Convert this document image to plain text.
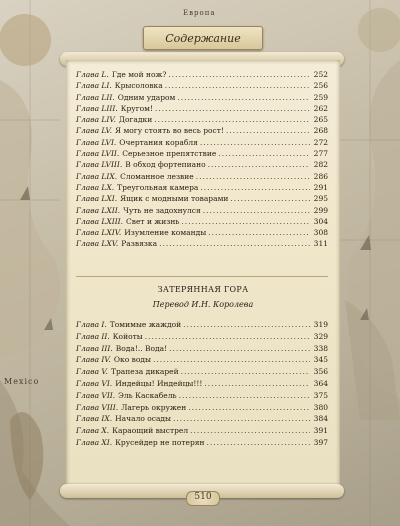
Европа
Mexico
Содержание
Глава L. Где мой нож? .....	252
Глава LI. Крысоловка .....	256
Глава LII. Одним ударом .....	259
Глава LIII. Кругом! .....	262
Глава LIV. Догадки .....	265
Глава LV. Я могу стоять во весь рост! .....	268
Глава LVI. Очертания корабля .....	272
Глава LVII. Серьезное препятствие .....	277
Глава LVIII. В обход фортепиано .....	282
Глава LIX. Сломанное лезвие .....	286
Глава LX. Треугольная камера .....	291
Глава LXI. Ящик с модными товарами .....	295
Глава LXII. Чуть не задохнулся .....	299
Глава LXIII. Свет и жизнь .....	304
Глава LXIV. Изумление команды .....	308
Глава LXV. Развязка .....	311
ЗАТЕРЯННАЯ ГОРА
Перевод И.Н. Королева
Глава I. Томимые жаждой .....	319
Глава II. Койоты .....	329
Глава III. Вода!.. Вода! .....	338
Глава IV. Око воды .....	345
Глава V. Трапеза дикарей .....	356
Глава VI. Индейцы! Индейцы!!! .....	364
Глава VII. Эль Каскабель .....	375
Глава VIII. Лагерь окружен .....	380
Глава IX. Начало осады .....	384
Глава X. Караощий выстрел .....	391
Глава XI. Крусейдер не потерян .....	397
510
